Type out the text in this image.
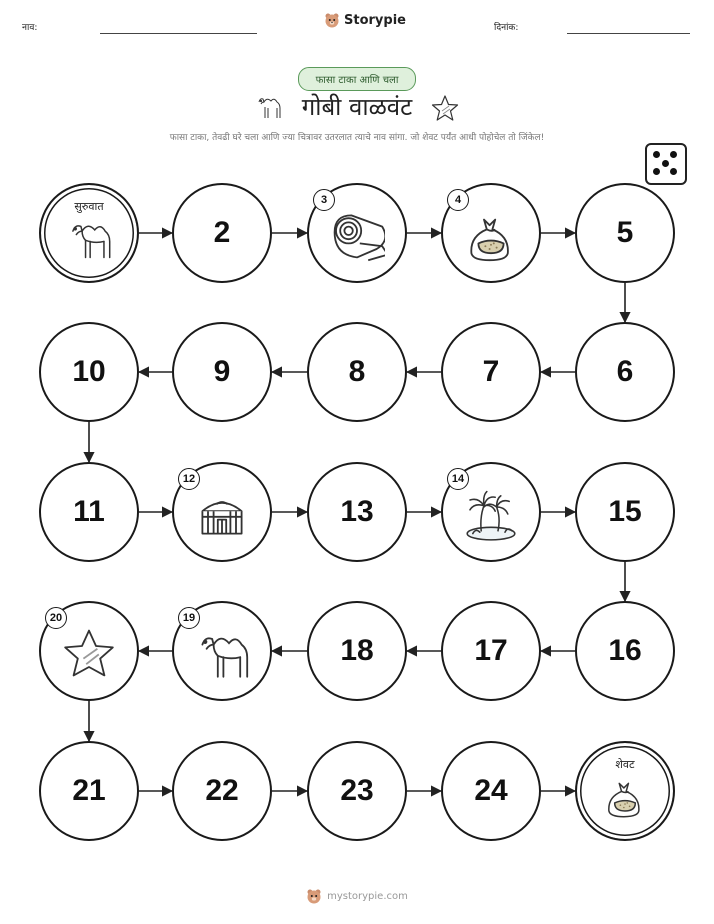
नाव:
Storypie
दिनांक:
फासा टाका आणि चला
गोबी वाळवंट
फासा टाका, तेवढी घरे चला आणि ज्या चित्रावर उतरलात त्याचे नाव सांगा. जो शेवट पर्यंत आधी पोहोचेल तो जिंकेल!
सुरुवात
2
3	4
5
6
7
8
9
10
11
12
13
14
15
16
17
18
19
20
21	22	23	24
शेवट
mystorypie.com
